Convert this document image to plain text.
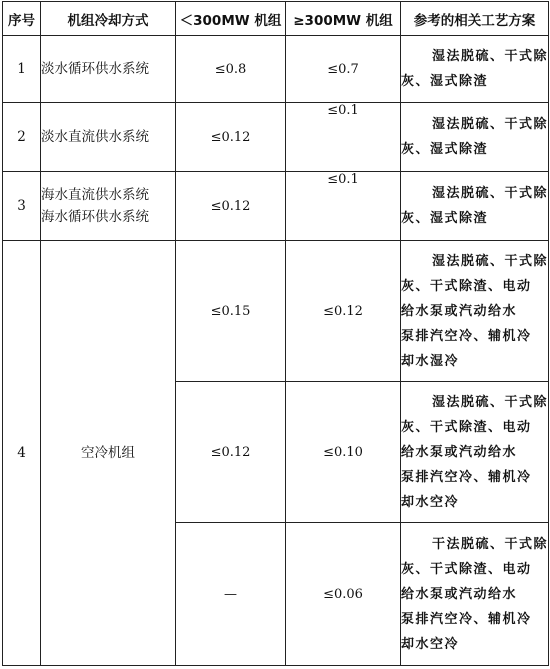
序号	机组冷却方式	＜300MW 机组	≥300MW 机组	参考的相关工艺方案
1	淡水循环供水系统	≤0.8	≤0.7	湿法脱硫、干式除
灰、湿式除渣

2	淡水直流供水系统	≤0.12	≤0.1	湿法脱硫、干式除
灰、湿式除渣

3	海水直流供水系统
海水循环供水系统	≤0.12	≤0.1	湿法脱硫、干式除
灰、湿式除渣

4	空冷机组	≤0.15	≤0.12	湿法脱硫、干式除
灰、干式除渣、电动
给水泵或汽动给水
泵排汽空冷、辅机冷
却水湿冷

		≤0.12	≤0.10	湿法脱硫、干式除
灰、干式除渣、电动
给水泵或汽动给水
泵排汽空冷、辅机冷
却水空冷

		—	≤0.06	干法脱硫、干式除
灰、干式除渣、电动
给水泵或汽动给水
泵排汽空冷、辅机冷
却水空冷
